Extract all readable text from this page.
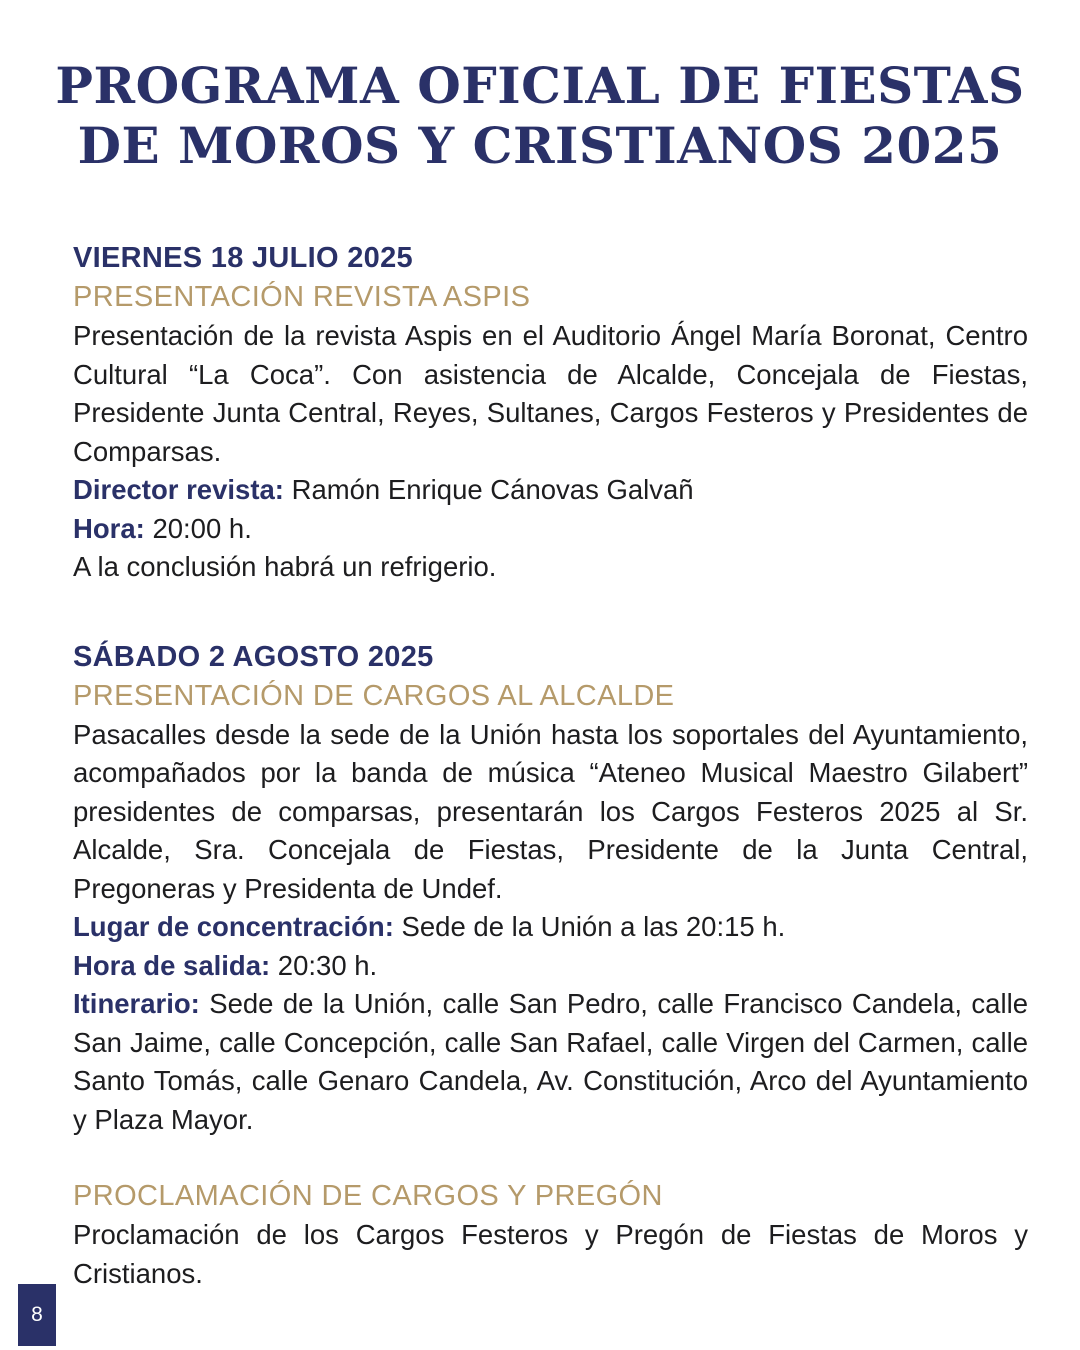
PROGRAMA OFICIAL DE FIESTAS
DE MOROS Y CRISTIANOS 2025
VIERNES 18 JULIO 2025
PRESENTACIÓN REVISTA ASPIS

Presentación de la revista Aspis en el Auditorio Ángel María Boronat, Centro Cultural “La Coca”. Con asistencia de Alcalde, Concejala de Fiestas, Presidente Junta Central, Reyes, Sultanes, Cargos Festeros y Presidentes de Comparsas.

Director revista: Ramón Enrique Cánovas Galvañ
Hora: 20:00 h.
A la conclusión habrá un refrigerio.
SÁBADO 2 AGOSTO 2025
PRESENTACIÓN DE CARGOS AL ALCALDE

Pasacalles desde la sede de la Unión hasta los soportales del Ayuntamiento, acompañados por la banda de música “Ateneo Musical Maestro Gilabert” presidentes de comparsas, presentarán los Cargos Festeros 2025 al Sr. Alcalde, Sra. Concejala de Fiestas, Presidente de la Junta Central, Pregoneras y Presidenta de Undef.

Lugar de concentración: Sede de la Unión a las 20:15 h.
Hora de salida: 20:30 h.

Itinerario: Sede de la Unión, calle San Pedro, calle Francisco Candela, calle San Jaime, calle Concepción, calle San Rafael, calle Virgen del Carmen, calle Santo Tomás, calle Genaro Candela, Av. Constitución, Arco del Ayuntamiento y Plaza Mayor.

PROCLAMACIÓN DE CARGOS Y PREGÓN

Proclamación de los Cargos Festeros y Pregón de Fiestas de Moros y Cristianos.

8
